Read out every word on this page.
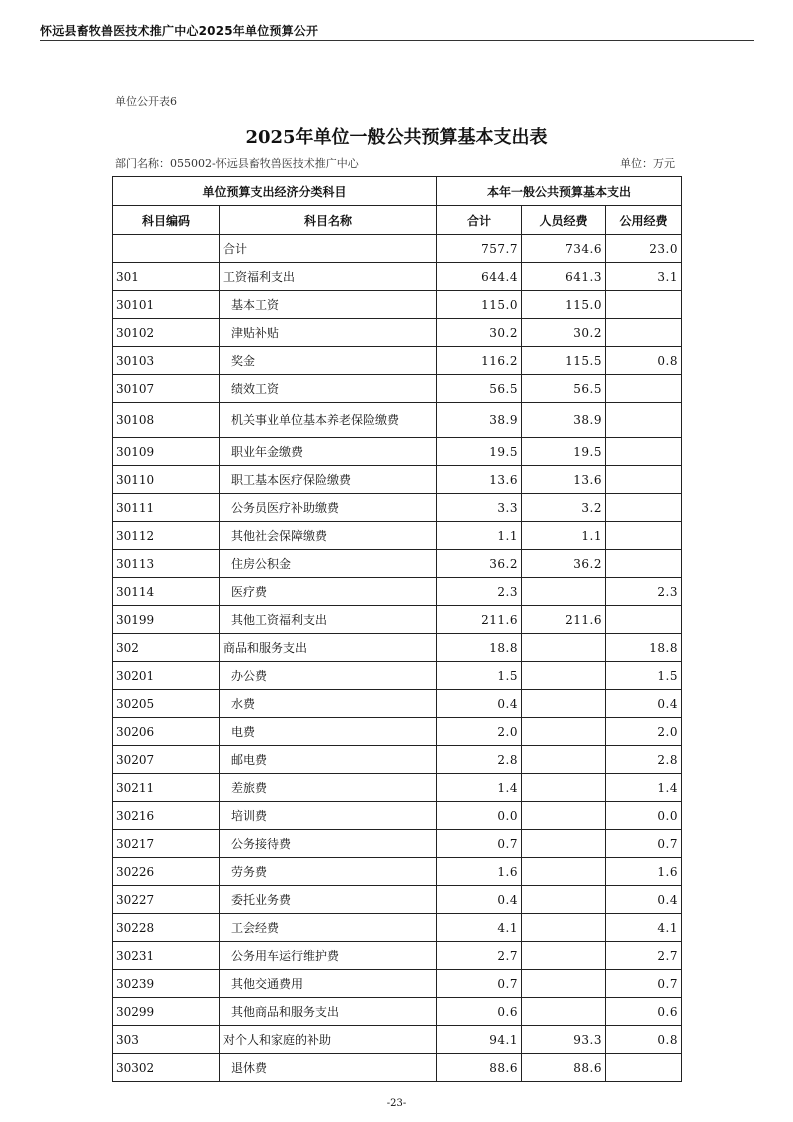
怀远县畜牧兽医技术推广中心2025年单位预算公开
单位公开表6
2025年单位一般公共预算基本支出表
部门名称：055002-怀远县畜牧兽医技术推广中心	单位：万元
单位预算支出经济分类科目		本年一般公共预算基本支出		
科目编码	科目名称	合计	人员经费	公用经费
	合计	757.7	734.6	23.0
301	工资福利支出	644.4	641.3	3.1
30101	基本工资	115.0	115.0	
30102	津贴补贴	30.2	30.2	
30103	奖金	116.2	115.5	0.8
30107	绩效工资	56.5	56.5	
30108	机关事业单位基本养老保险缴费	38.9	38.9	
30109	职业年金缴费	19.5	19.5	
30110	职工基本医疗保险缴费	13.6	13.6	
30111	公务员医疗补助缴费	3.3	3.2	
30112	其他社会保障缴费	1.1	1.1	
30113	住房公积金	36.2	36.2	
30114	医疗费	2.3		2.3
30199	其他工资福利支出	211.6	211.6	
302	商品和服务支出	18.8		18.8
30201	办公费	1.5		1.5
30205	水费	0.4		0.4
30206	电费	2.0		2.0
30207	邮电费	2.8		2.8
30211	差旅费	1.4		1.4
30216	培训费	0.0		0.0
30217	公务接待费	0.7		0.7
30226	劳务费	1.6		1.6
30227	委托业务费	0.4		0.4
30228	工会经费	4.1		4.1
30231	公务用车运行维护费	2.7		2.7
30239	其他交通费用	0.7		0.7
30299	其他商品和服务支出	0.6		0.6
303	对个人和家庭的补助	94.1	93.3	0.8
30302	退休费	88.6	88.6	
-23-
